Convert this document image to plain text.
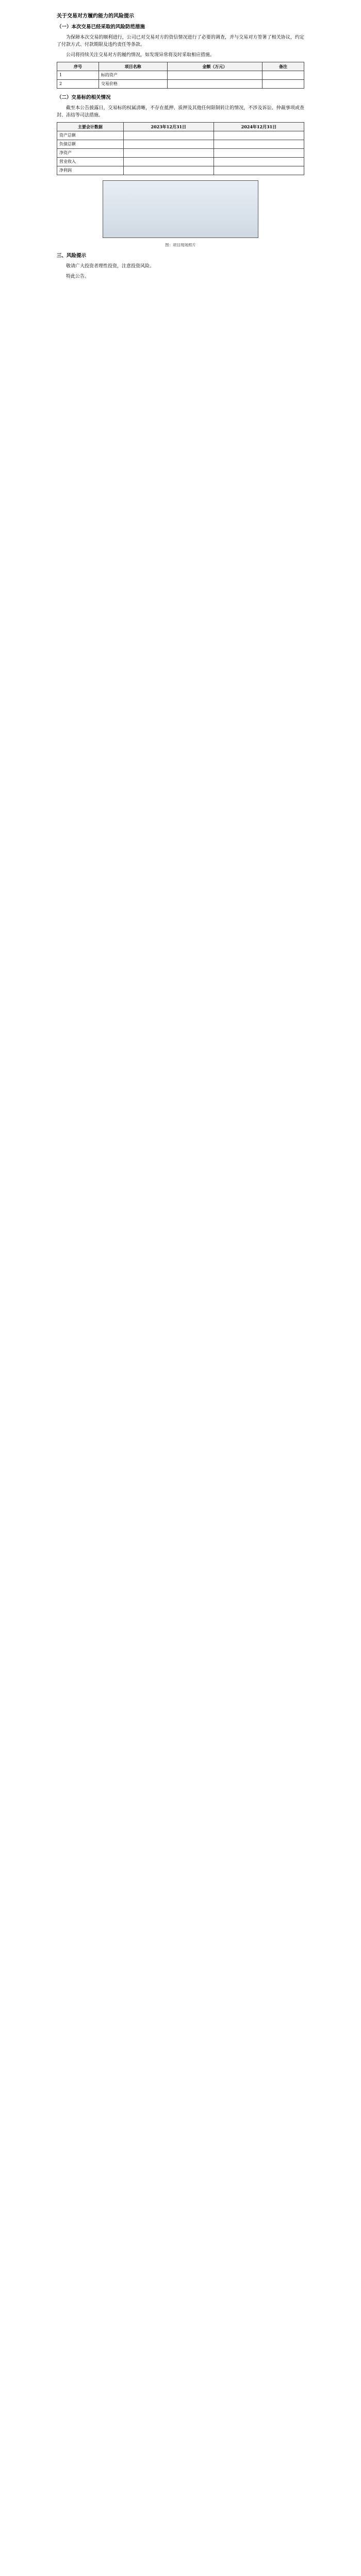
关于交易对方履约能力的风险提示
（一）本次交易已经采取的风险防范措施
为保障本次交易的顺利进行，公司已对交易对方的资信情况进行了必要的调查，并与交易对方签署了相关协议，约定了付款方式、付款期限及违约责任等条款。
公司将持续关注交易对方的履约情况，如发现异常将及时采取相应措施。
序号	项目名称	金额（万元）	备注
1	标的资产		
2	交易价格		
（二）交易标的相关情况
截至本公告披露日，交易标的权属清晰，不存在抵押、质押及其他任何限制转让的情况，不涉及诉讼、仲裁事项或查封、冻结等司法措施。
主要会计数据	2023年12月31日	2024年12月31日
资产总额		
负债总额		
净资产		
营业收入		
净利润		
图：项目现场照片
三、风险提示
敬请广大投资者理性投资，注意投资风险。
特此公告。
